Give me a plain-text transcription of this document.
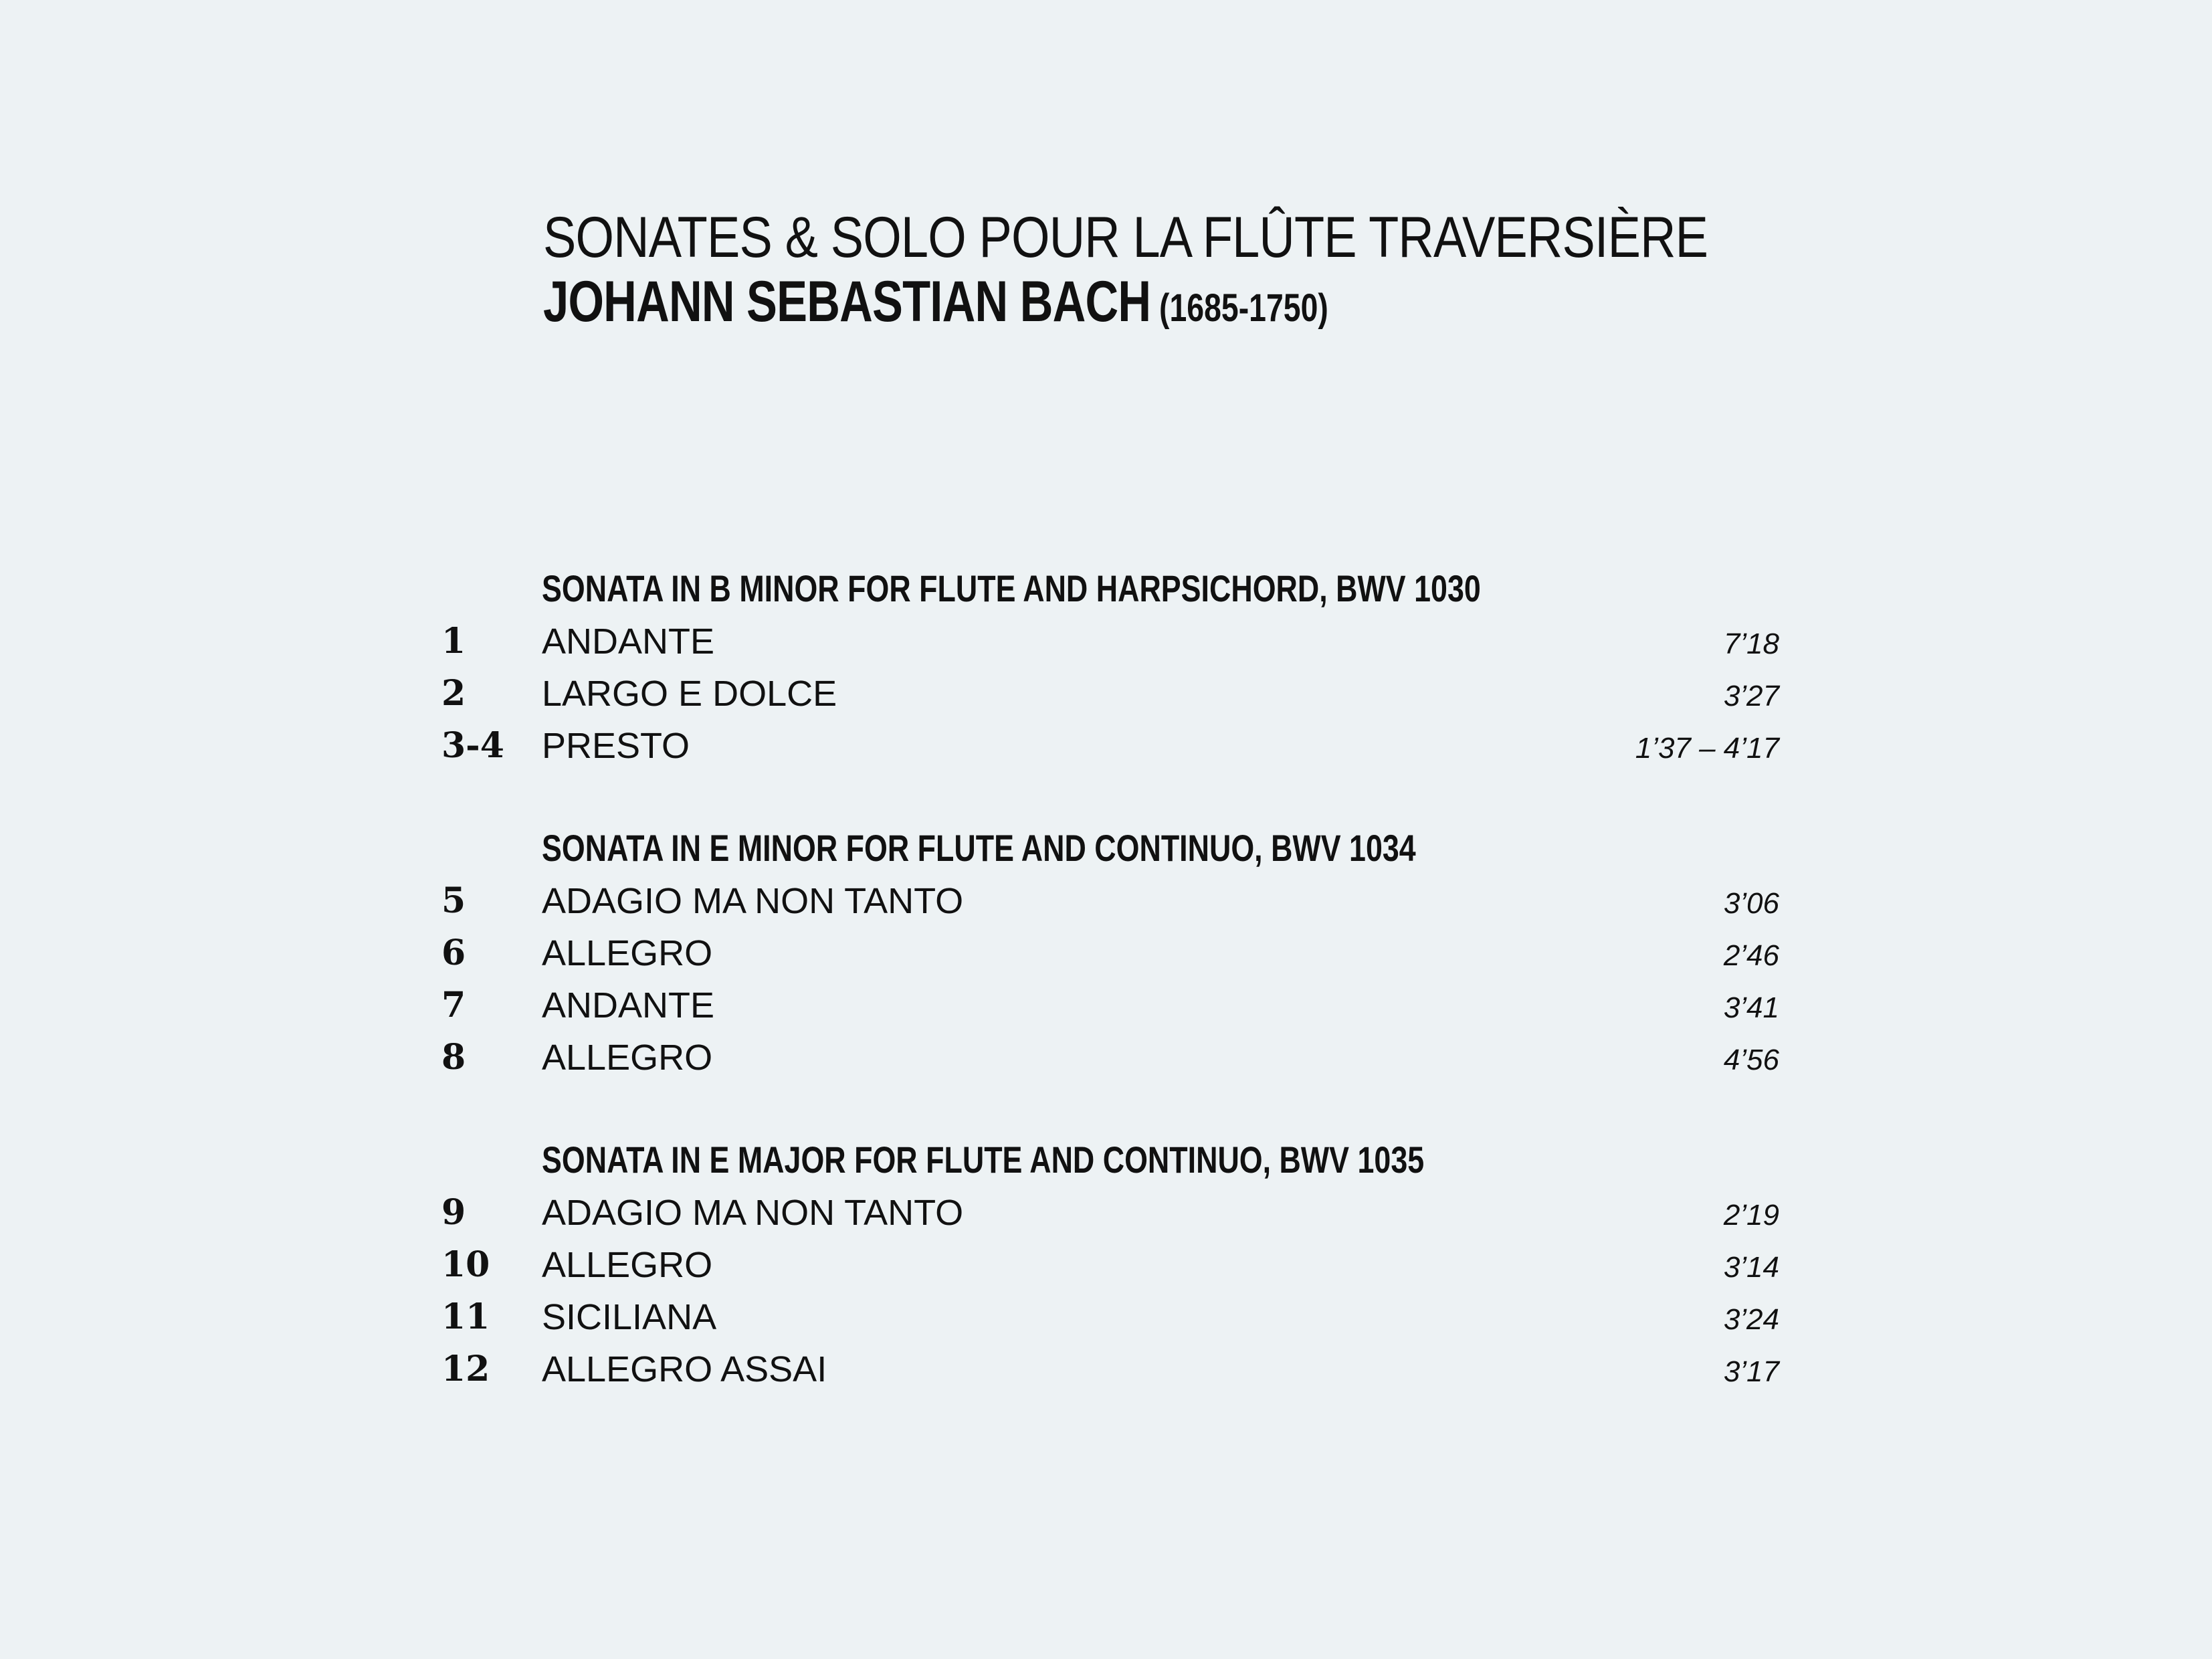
SONATES & SOLO POUR LA FLÛTE TRAVERSIÈRE
JOHANN SEBASTIAN BACH (1685-1750)
SONATA IN B MINOR FOR FLUTE AND HARPSICHORD, BWV 1030
1 ANDANTE	7’18
2 LARGO E DOLCE	3’27
3-4 PRESTO	1’37 – 4’17
SONATA IN E MINOR FOR FLUTE AND CONTINUO, BWV 1034
5 ADAGIO MA NON TANTO	3’06
6 ALLEGRO	2’46
7 ANDANTE	3’41
8 ALLEGRO	4’56
SONATA IN E MAJOR FOR FLUTE AND CONTINUO, BWV 1035
9 ADAGIO MA NON TANTO	2’19
10 ALLEGRO	3’14
11 SICILIANA	3’24
12 ALLEGRO ASSAI	3’17
